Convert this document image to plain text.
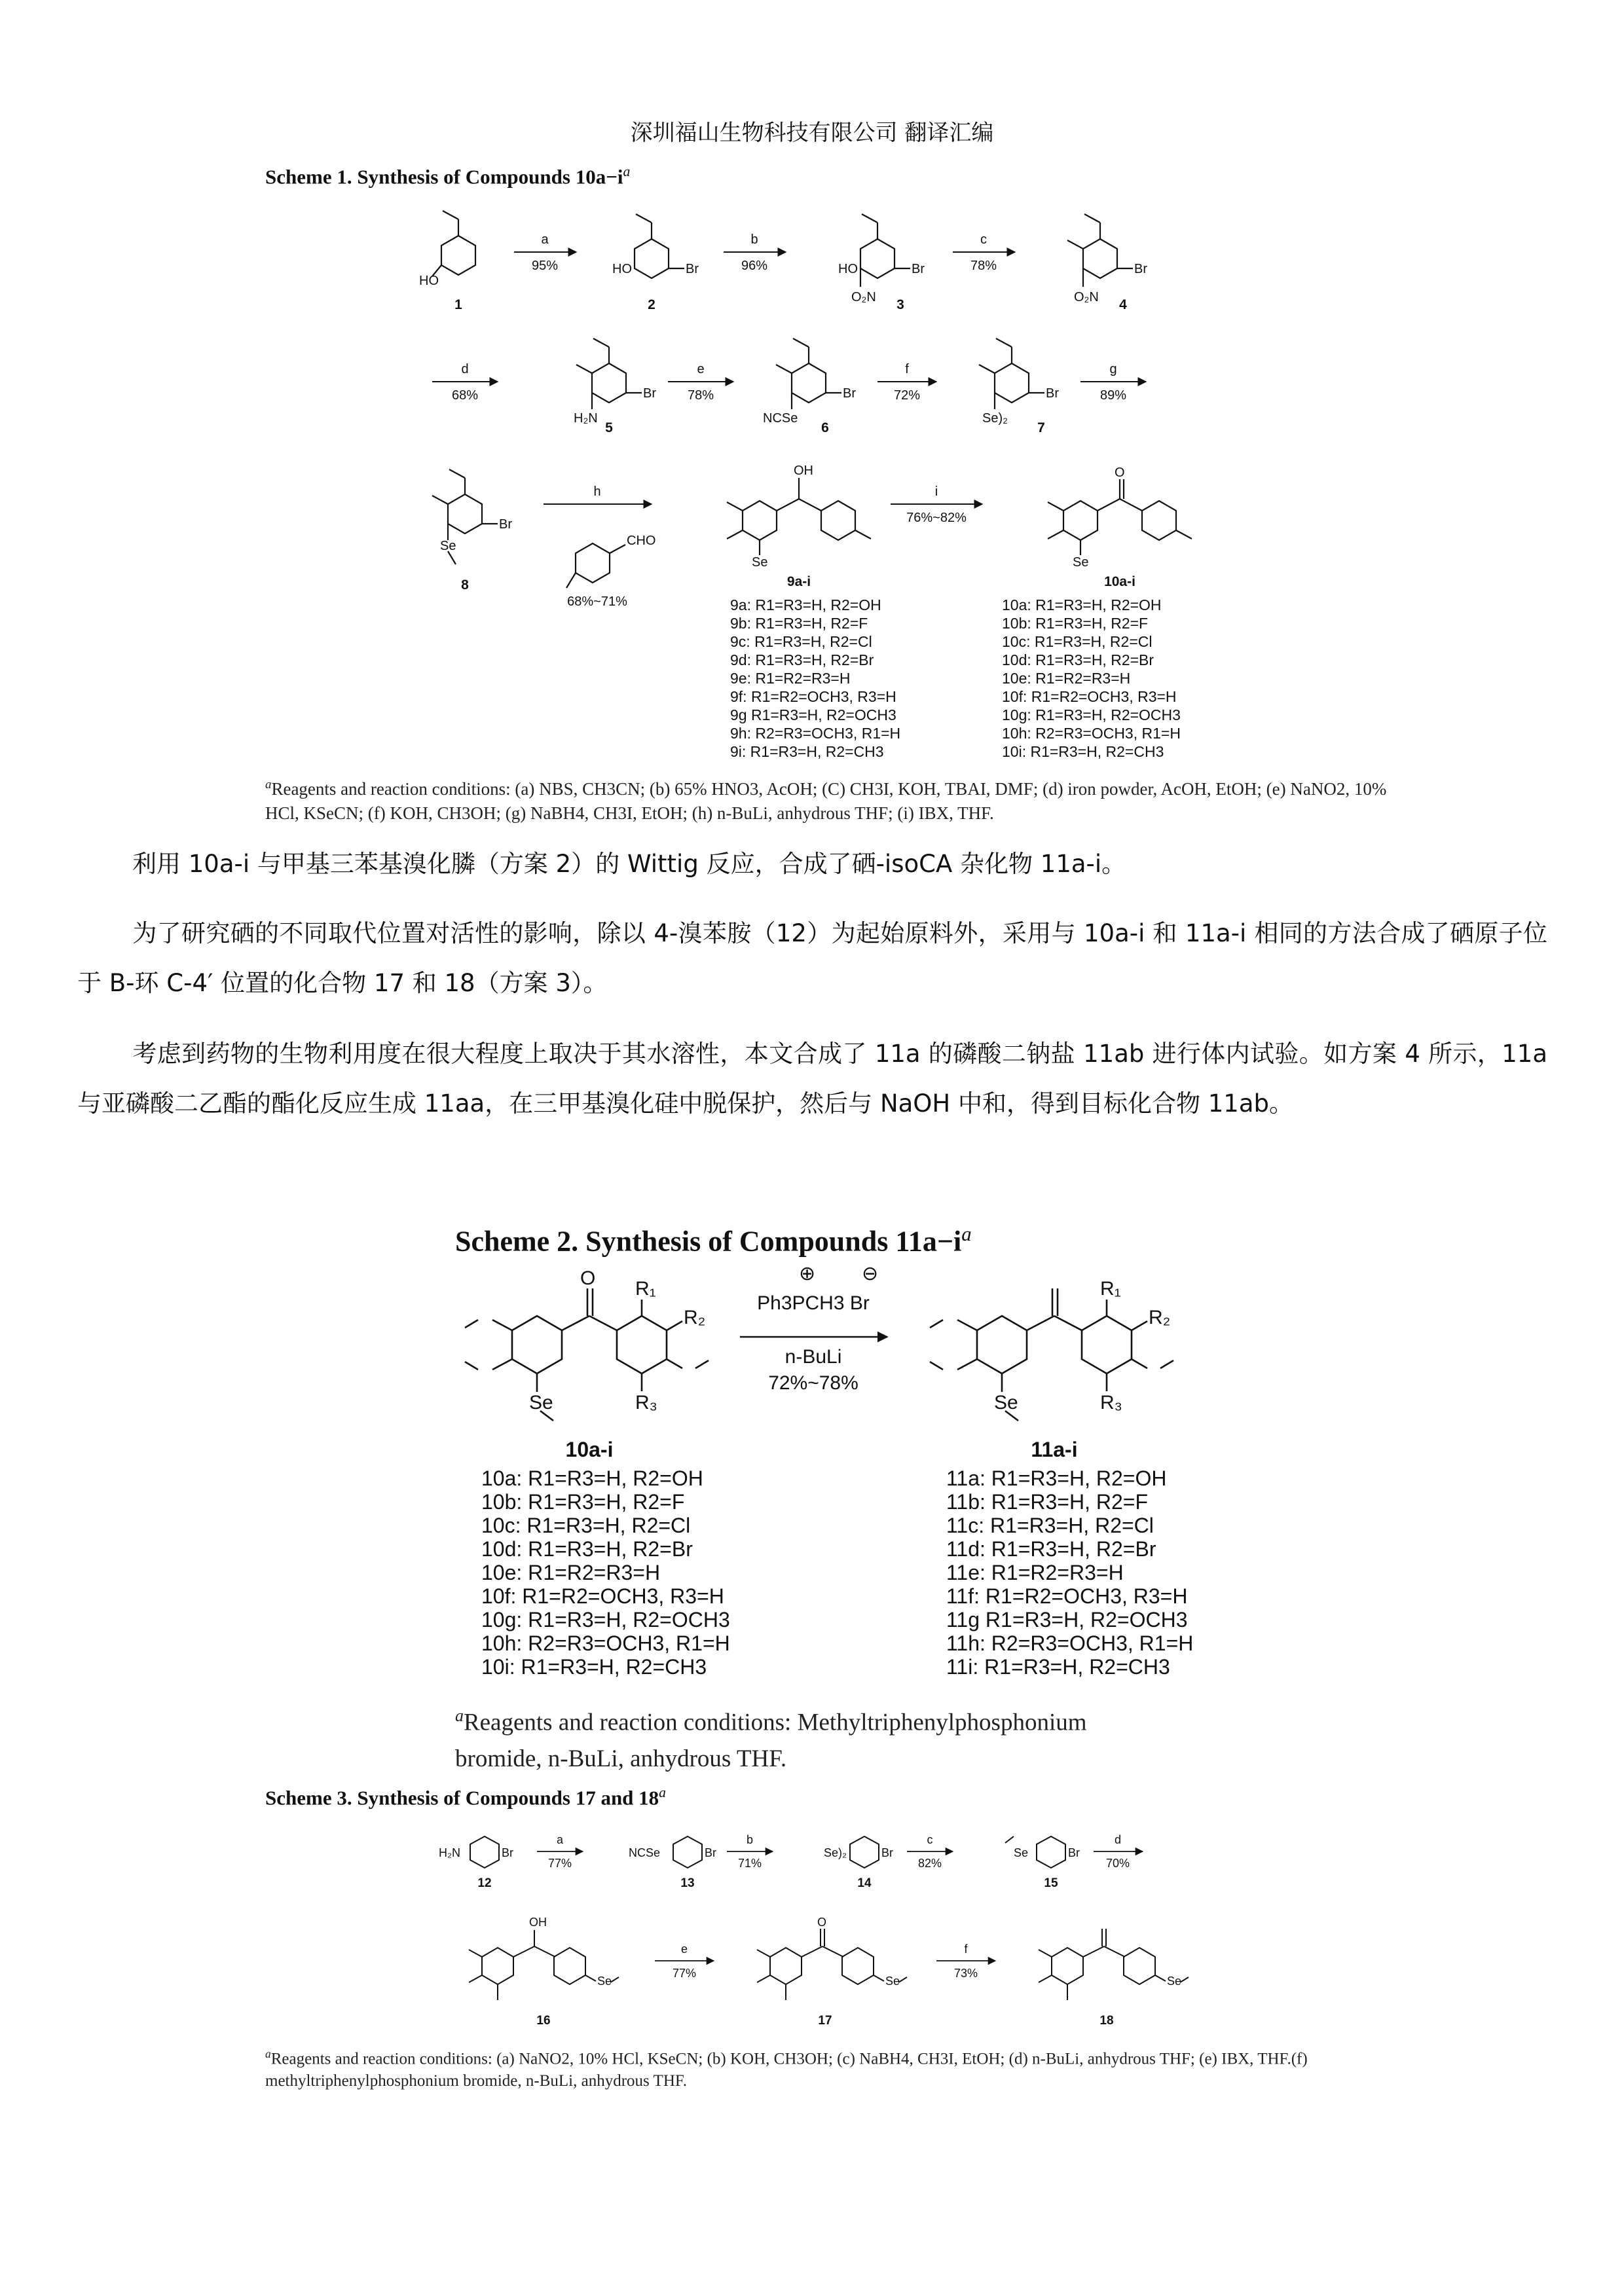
深圳福山生物科技有限公司 翻译汇编
Scheme 1. Synthesis of Compounds $10a-i^a$
HO
HO	Br	HO	Br
O₂N
Br
O₂N
Br
H₂N
Br
NCSe
Br
Se)₂
Br
Se	CHO
OH
Se	Se
O
a
95%
b
96%
c
78%
d
68%
e
78%
f
72%
g
89%
h
68%~71%
i
76%~82%
1	2	3	4
5	6	7
8	9a-i	10a-i
9a: R1=R3=H, R2=OH
9b: R1=R3=H, R2=F
9c: R1=R3=H, R2=Cl
9d: R1=R3=H, R2=Br
9e: R1=R2=R3=H
9f: R1=R2=OCH3, R3=H
9g R1=R3=H, R2=OCH3
9h: R2=R3=OCH3, R1=H
9i: R1=R3=H, R2=CH3
10a: R1=R3=H, R2=OH
10b: R1=R3=H, R2=F
10c: R1=R3=H, R2=Cl
10d: R1=R3=H, R2=Br
10e: R1=R2=R3=H
10f: R1=R2=OCH3, R3=H
10g: R1=R3=H, R2=OCH3
10h: R2=R3=OCH3, R1=H
10i: R1=R3=H, R2=CH3
$^a$Reagents and reaction conditions: (a) NBS, CH3CN; (b) 65% HNO3, AcOH; (C) CH3I, KOH, TBAI, DMF; (d) iron powder, AcOH, EtOH; (e) NaNO2, 10% HCl, KSeCN; (f) KOH, CH3OH; (g) NaBH4, CH3I, EtOH; (h) n-BuLi, anhydrous THF; (i) IBX, THF.
利用 10a-i 与甲基三苯基溴化膦（方案 2）的 Wittig 反应，合成了硒-isoCA 杂化物 11a-i。
为了研究硒的不同取代位置对活性的影响，除以 4-溴苯胺（12）为起始原料外，采用与 10a-i 和 11a-i 相同的方法合成了硒原子位于 B-环 C-4′ 位置的化合物 17 和 18（方案 3）。
考虑到药物的生物利用度在很大程度上取决于其水溶性，本文合成了 11a 的磷酸二钠盐 11ab 进行体内试验。如方案 4 所示，11a 与亚磷酸二乙酯的酯化反应生成 11aa，在三甲基溴化硅中脱保护，然后与 NaOH 中和，得到目标化合物 11ab。
Scheme 2. Synthesis of Compounds $11a-i^a$
O
Se	Se
R₁
R₂
R₃
R₁
R₂
R₃
⊕ ⊖
Ph3PCH3 Br
n-BuLi
72%~78%
10a-i	11a-i
10a: R1=R3=H, R2=OH
10b: R1=R3=H, R2=F
10c: R1=R3=H, R2=Cl
10d: R1=R3=H, R2=Br
10e: R1=R2=R3=H
10f: R1=R2=OCH3, R3=H
10g: R1=R3=H, R2=OCH3
10h: R2=R3=OCH3, R1=H
10i: R1=R3=H, R2=CH3
11a: R1=R3=H, R2=OH
11b: R1=R3=H, R2=F
11c: R1=R3=H, R2=Cl
11d: R1=R3=H, R2=Br
11e: R1=R2=R3=H
11f: R1=R2=OCH3, R3=H
11g R1=R3=H, R2=OCH3
11h: R2=R3=OCH3, R1=H
11i: R1=R3=H, R2=CH3
$^a$Reagents and reaction conditions: Methyltriphenylphosphonium bromide, n-BuLi, anhydrous THF.
Scheme 3. Synthesis of Compounds 17 and 18$^a$
H₂N	Br	NCSe	Br	Se)₂	Br	Se	Br
OH
Se
O
Se	Se
a
77%
b
71%
c
82%
d
70%
e
77%
f
73%
12	13	14	15
16	17	18
$^a$Reagents and reaction conditions: (a) NaNO2, 10% HCl, KSeCN; (b) KOH, CH3OH; (c) NaBH4, CH3I, EtOH; (d) n-BuLi, anhydrous THF; (e) IBX, THF.(f) methyltriphenylphosphonium bromide, n-BuLi, anhydrous THF.
